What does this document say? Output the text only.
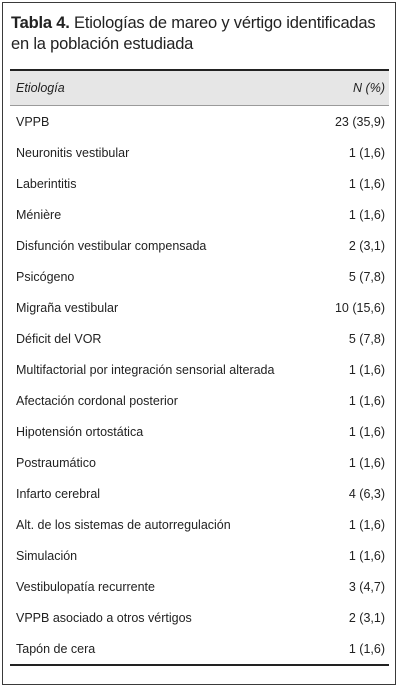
Tabla 4. Etiologías de mareo y vértigo identificadas en la población estudiada
Etiología	N (%)
VPPB	23 (35,9)
Neuronitis vestibular	1 (1,6)
Laberintitis	1 (1,6)
Ménière	1 (1,6)
Disfunción vestibular compensada	2 (3,1)
Psicógeno	5 (7,8)
Migraña vestibular	10 (15,6)
Déficit del VOR	5 (7,8)
Multifactorial por integración sensorial alterada	1 (1,6)
Afectación cordonal posterior	1 (1,6)
Hipotensión ortostática	1 (1,6)
Postraumático	1 (1,6)
Infarto cerebral	4 (6,3)
Alt. de los sistemas de autorregulación	1 (1,6)
Simulación	1 (1,6)
Vestibulopatía recurrente	3 (4,7)
VPPB asociado a otros vértigos	2 (3,1)
Tapón de cera	1 (1,6)
